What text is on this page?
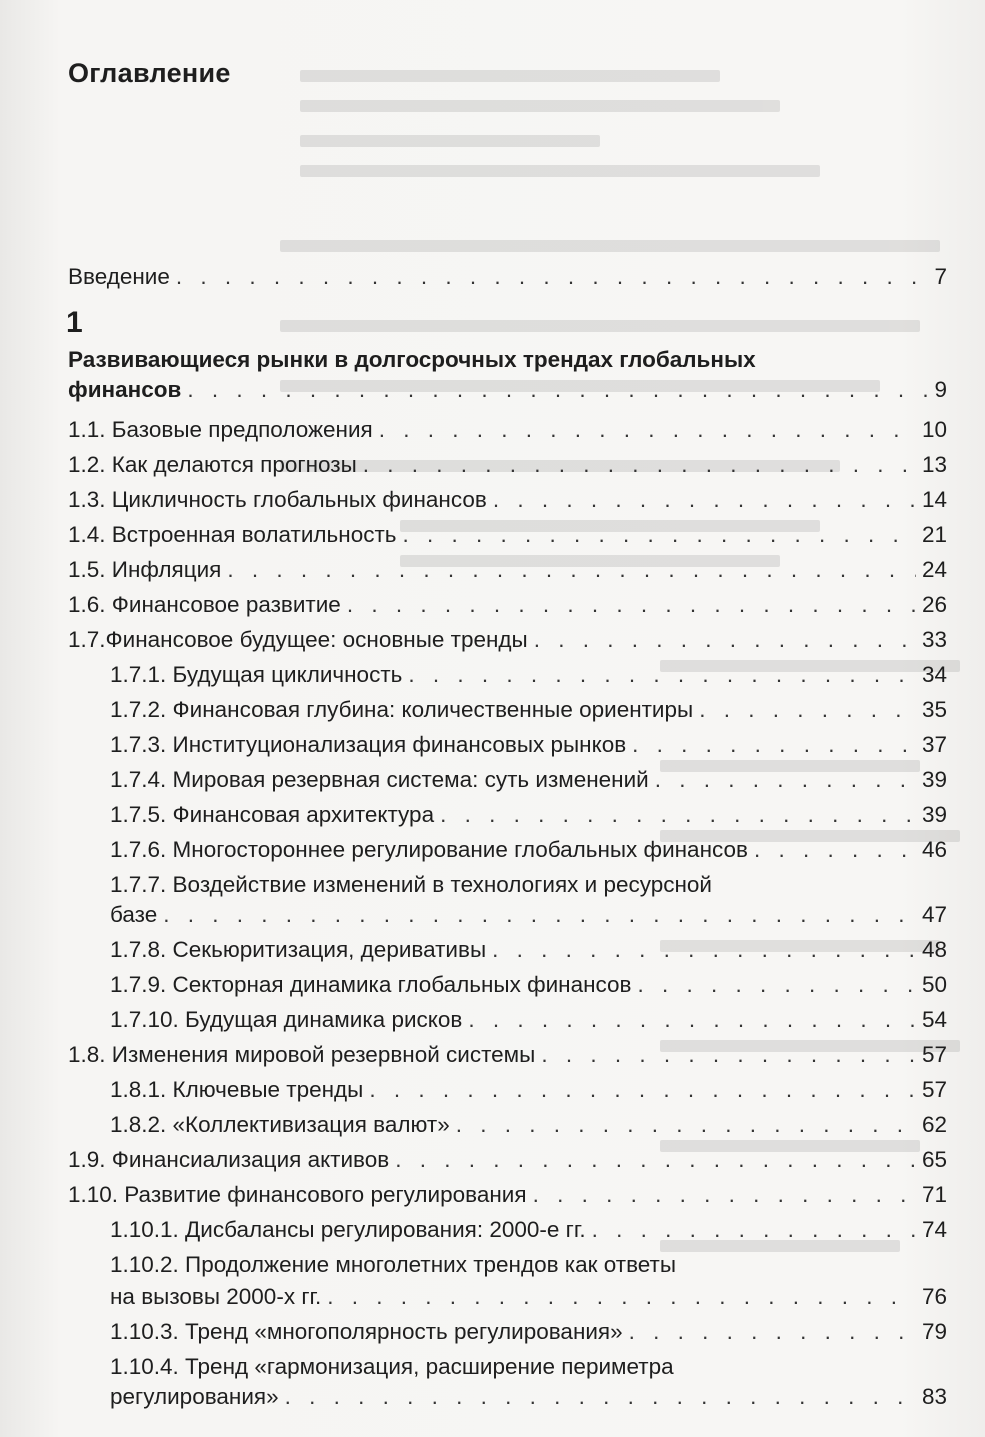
Оглавление
Введение . . .	7
1
Развивающиеся рынки в долгосрочных трендах глобальных
финансов . . .	9
1.1. Базовые предположения . . .	10
1.2. Как делаются прогнозы . . .	13
1.3. Цикличность глобальных финансов . . .	14
1.4. Встроенная волатильность . . .	21
1.5. Инфляция . . .	24
1.6. Финансовое развитие . . .	26
1.7.Финансовое будущее: основные тренды . . .	33
1.7.1. Будущая цикличность . . .	34
1.7.2. Финансовая глубина: количественные ориентиры . . .	35
1.7.3. Институционализация финансовых рынков . . .	37
1.7.4. Мировая резервная система: суть изменений . . .	39
1.7.5. Финансовая архитектура . . .	39
1.7.6. Многостороннее регулирование глобальных финансов . . .	46
1.7.7. Воздействие изменений в технологиях и ресурсной
базе . . .	47
1.7.8. Секьюритизация, деривативы . . .	48
1.7.9. Секторная динамика глобальных финансов . . .	50
1.7.10. Будущая динамика рисков . . .	54
1.8. Изменения мировой резервной системы . . .	57
1.8.1. Ключевые тренды . . .	57
1.8.2. «Коллективизация валют» . . .	62
1.9. Финансиализация активов . . .	65
1.10. Развитие финансового регулирования . . .	71
1.10.1. Дисбалансы регулирования: 2000-е гг. . . .	74
1.10.2. Продолжение многолетних трендов как ответы
на вызовы 2000-х гг. . . .	76
1.10.3. Тренд «многополярность регулирования» . . .	79
1.10.4. Тренд «гармонизация, расширение периметра
регулирования» . . .	83
